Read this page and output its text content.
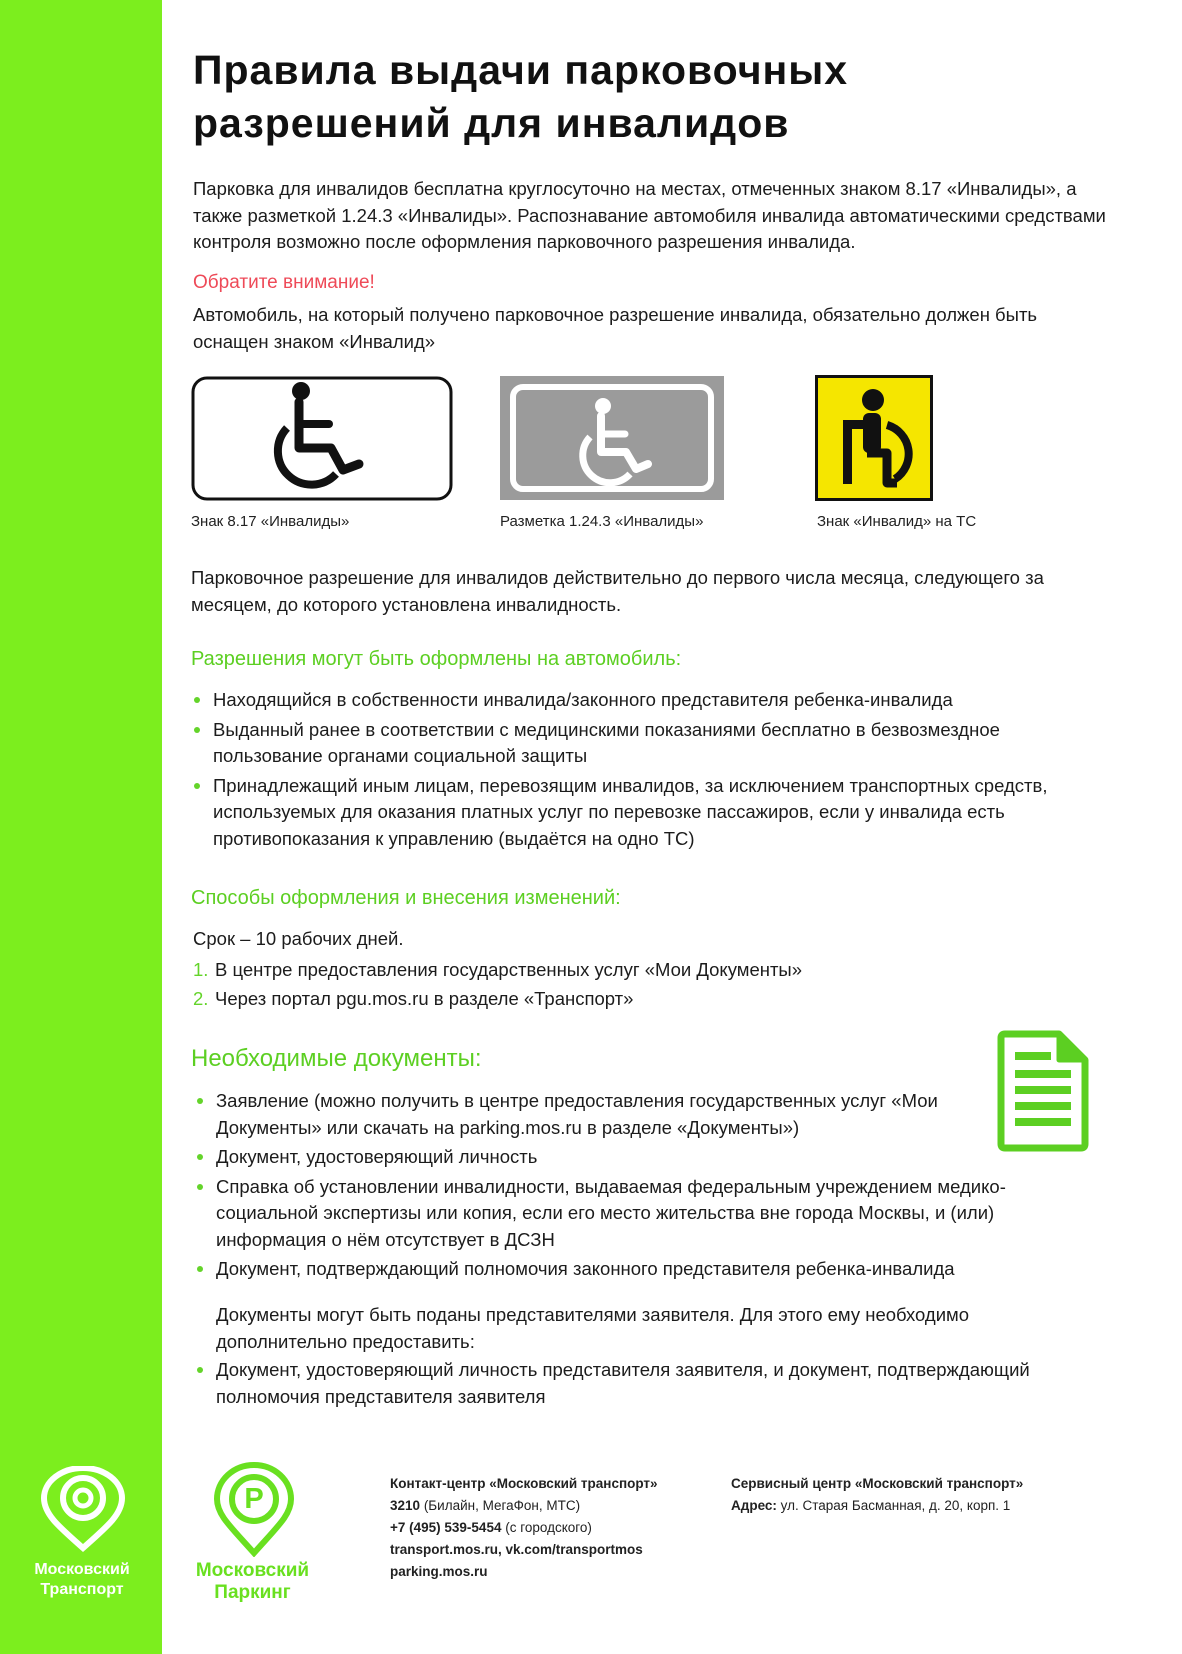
Правила выдачи парковочных
разрешений для инвалидов
Парковка для инвалидов бесплатна круглосуточно на местах, отмеченных знаком 8.17 «Инвалиды», а также разметкой 1.24.3 «Инвалиды». Распознавание автомобиля инвалида автоматическими средствами контроля возможно после оформления парковочного разрешения инвалида.
Обратите внимание!
Автомобиль, на который получено парковочное разрешение инвалида, обязательно должен быть оснащен знаком «Инвалид»
Знак 8.17 «Инвалиды»	Разметка 1.24.3 «Инвалиды»	Знак «Инвалид» на ТС
Парковочное разрешение для инвалидов действительно до первого числа месяца, следующего за месяцем, до которого установлена инвалидность.
Разрешения могут быть оформлены на автомобиль:
Находящийся в собственности инвалида/законного представителя ребенка-инвалида
Выданный ранее в соответствии с медицинскими показаниями бесплатно в безвозмездное пользование органами социальной защиты
Принадлежащий иным лицам, перевозящим инвалидов, за исключением транспортных средств, используемых для оказания платных услуг по перевозке пассажиров, если у инвалида есть противопоказания к управлению (выдаётся на одно ТС)
Способы оформления и внесения изменений:
Срок – 10 рабочих дней.
1. В центре предоставления государственных услуг «Мои Документы»
2. Через портал pgu.mos.ru в разделе «Транспорт»
Необходимые документы:
Заявление (можно получить в центре предоставления государственных услуг «Мои Документы» или скачать на parking.mos.ru в разделе «Документы»)
Документ, удостоверяющий личность
Справка об установлении инвалидности, выдаваемая федеральным учреждением медико-социальной экспертизы или копия, если его место жительства вне города Москвы, и (или) информация о нём отсутствует в ДСЗН
Документ, подтверждающий полномочия законного представителя ребенка-инвалида
Документы могут быть поданы представителями заявителя. Для этого ему необходимо дополнительно предоставить:
Документ, удостоверяющий личность представителя заявителя, и документ, подтверждающий полномочия представителя заявителя
Московский
Транспорт
P
Московский
Паркинг
Контакт-центр «Московский транспорт»
3210 (Билайн, МегаФон, МТС)
+7 (495) 539-5454 (с городского)
transport.mos.ru, vk.com/transportmos
parking.mos.ru
Сервисный центр «Московский транспорт»
Адрес: ул. Старая Басманная, д. 20, корп. 1
